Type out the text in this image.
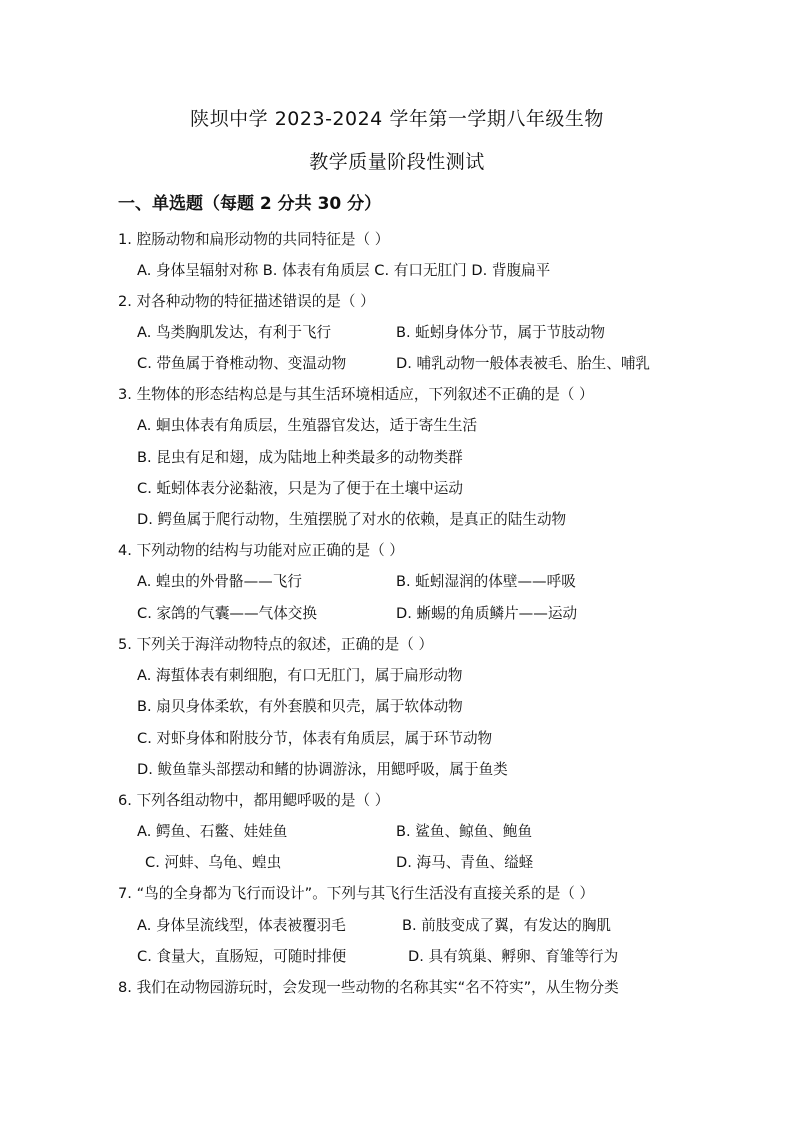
陕坝中学 2023-2024 学年第一学期八年级生物
教学质量阶段性测试
一、单选题（每题 2 分共 30 分）
1. 腔肠动物和扁形动物的共同特征是（ ）
A. 身体呈辐射对称 B. 体表有角质层 C. 有口无肛门 D. 背腹扁平
2. 对各种动物的特征描述错误的是（ ）
A. 鸟类胸肌发达，有利于飞行	B. 蚯蚓身体分节，属于节肢动物
C. 带鱼属于脊椎动物、变温动物	D. 哺乳动物一般体表被毛、胎生、哺乳
3. 生物体的形态结构总是与其生活环境相适应，下列叙述不正确的是（ ）
A. 蛔虫体表有角质层，生殖器官发达，适于寄生生活
B. 昆虫有足和翅，成为陆地上种类最多的动物类群
C. 蚯蚓体表分泌黏液，只是为了便于在土壤中运动
D. 鳄鱼属于爬行动物，生殖摆脱了对水的依赖，是真正的陆生动物
4. 下列动物的结构与功能对应正确的是（ ）
A. 蝗虫的外骨骼——飞行	B. 蚯蚓湿润的体壁——呼吸
C. 家鸽的气囊——气体交换	D. 蜥蜴的角质鳞片——运动
5. 下列关于海洋动物特点的叙述，正确的是（ ）
A. 海蜇体表有刺细胞，有口无肛门，属于扁形动物
B. 扇贝身体柔软，有外套膜和贝壳，属于软体动物
C. 对虾身体和附肢分节，体表有角质层，属于环节动物
D. 鲅鱼靠头部摆动和鳍的协调游泳，用鳃呼吸，属于鱼类
6. 下列各组动物中，都用鳃呼吸的是（ ）
A. 鳄鱼、石鳖、娃娃鱼	B. 鲨鱼、鲸鱼、鲍鱼
C. 河蚌、乌龟、蝗虫	D. 海马、青鱼、缢蛏
7. “鸟的全身都为飞行而设计”。下列与其飞行生活没有直接关系的是（ ）
A. 身体呈流线型，体表被覆羽毛	B. 前肢变成了翼，有发达的胸肌
C. 食量大，直肠短，可随时排便	D. 具有筑巢、孵卵、育雏等行为
8. 我们在动物园游玩时，会发现一些动物的名称其实“名不符实”，从生物分类
